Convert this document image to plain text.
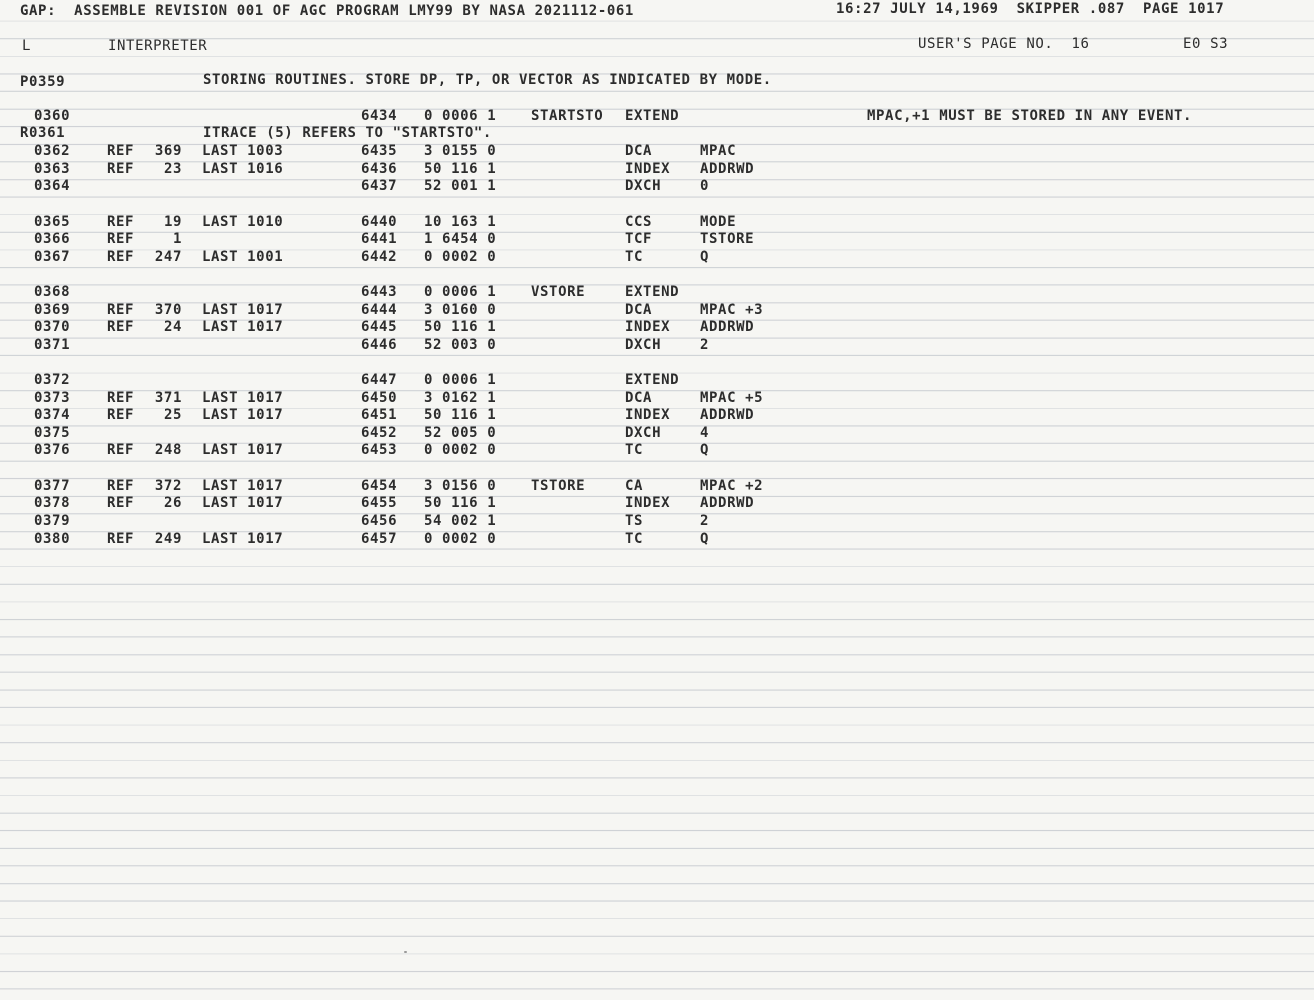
GAP:  ASSEMBLE REVISION 001 OF AGC PROGRAM LMY99 BY NASA 2021112-061	16:27 JULY 14,1969  SKIPPER .087  PAGE 1017
L	INTERPRETER	USER'S PAGE NO.  16	E0 S3
P0359	STORING ROUTINES. STORE DP, TP, OR VECTOR AS INDICATED BY MODE.
0360	6434 0 0006 1 STARTSTO EXTEND	MPAC,+1 MUST BE STORED IN ANY EVENT.
R0361	ITRACE (5) REFERS TO "STARTSTO".
0362	REF	369 LAST 1003	6435 3 0155 0	DCA	MPAC
0363	REF	23 LAST 1016	6436 50 116 1	INDEX ADDRWD
0364	6437 52 001 1	DXCH	0
0365	REF	19 LAST 1010	6440 10 163 1	CCS	MODE
0366	REF	1	6441 1 6454 0	TCF	TSTORE
0367	REF	247 LAST 1001	6442 0 0002 0	TC	Q
0368	6443 0 0006 1 VSTORE	EXTEND
0369	REF	370 LAST 1017	6444 3 0160 0	DCA	MPAC +3
0370	REF	24 LAST 1017	6445 50 116 1	INDEX ADDRWD
0371	6446 52 003 0	DXCH	2
0372	6447 0 0006 1	EXTEND
0373	REF	371 LAST 1017	6450 3 0162 1	DCA	MPAC +5
0374	REF	25 LAST 1017	6451 50 116 1	INDEX ADDRWD
0375	6452 52 005 0	DXCH	4
0376	REF	248 LAST 1017	6453 0 0002 0	TC	Q
0377	REF	372 LAST 1017	6454 3 0156 0 TSTORE	CA	MPAC +2
0378	REF	26 LAST 1017	6455 50 116 1	INDEX ADDRWD
0379	6456 54 002 1	TS	2
0380	REF	249 LAST 1017	6457 0 0002 0	TC	Q
